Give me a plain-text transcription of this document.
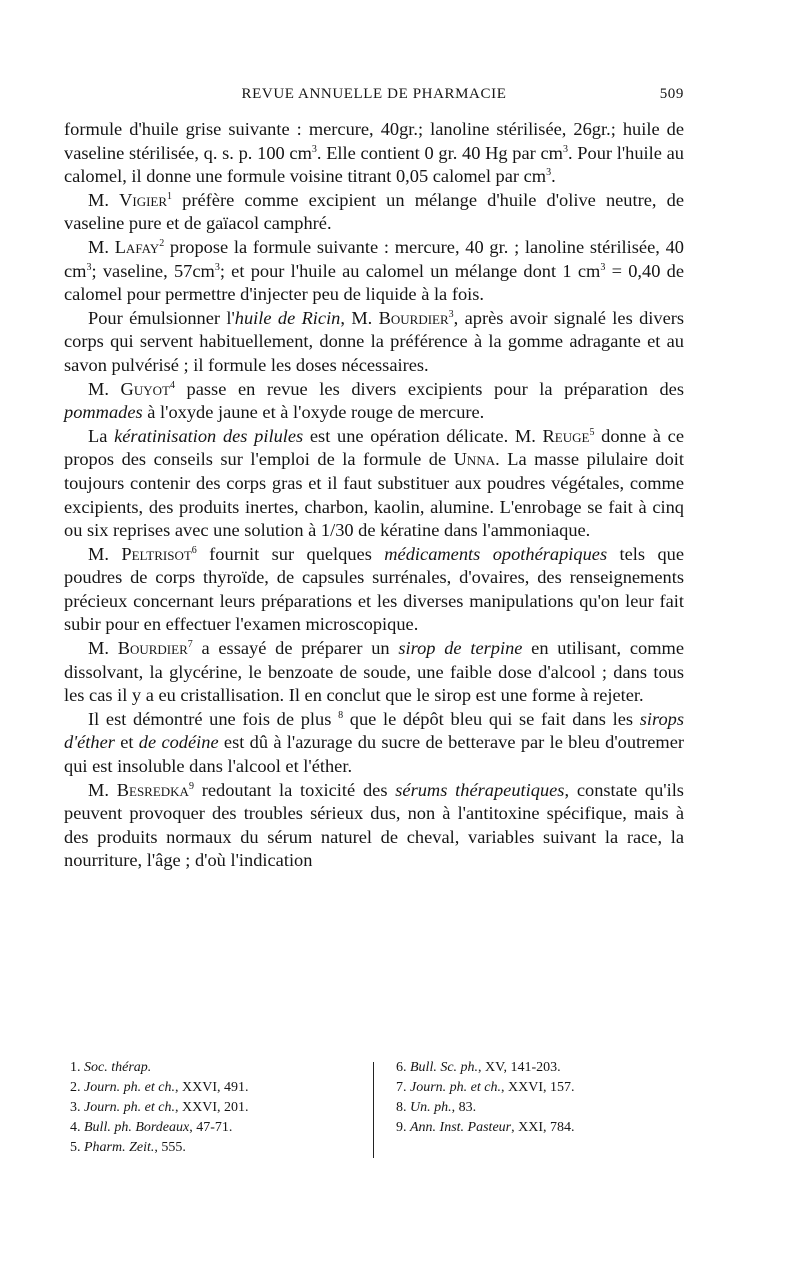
REVUE ANNUELLE DE PHARMACIE	509

formule d'huile grise suivante : mercure, 40gr.; lanoline stérilisée, 26gr.; huile de vaseline stérilisée, q. s. p. 100 $cm^3$. Elle contient 0 gr. 40 Hg par $cm^3$. Pour l'huile au calomel, il donne une formule voisine titrant 0,05 calomel par $cm^3$.

M. Vigier$^1$ préfère comme excipient un mélange d'huile d'olive neutre, de vaseline pure et de gaïacol camphré.

M. Lafay$^2$ propose la formule suivante : mercure, 40 gr. ; lanoline stérilisée, 40 $cm^3$; vaseline, $57cm^3$; et pour l'huile au calomel un mélange dont 1 $cm^3 = 0,40$ de calomel pour permettre d'injecter peu de liquide à la fois.

Pour émulsionner l'huile de Ricin, M. Bourdier$^3$, après avoir signalé les divers corps qui servent habituellement, donne la préférence à la gomme adragante et au savon pulvérisé ; il formule les doses nécessaires.

M. Guyot$^4$ passe en revue les divers excipients pour la préparation des pommades à l'oxyde jaune et à l'oxyde rouge de mercure.

La kératinisation des pilules est une opération délicate. M. Reuge$^5$ donne à ce propos des conseils sur l'emploi de la formule de Unna. La masse pilulaire doit toujours contenir des corps gras et il faut substituer aux poudres végétales, comme excipients, des produits inertes, charbon, kaolin, alumine. L'enrobage se fait à cinq ou six reprises avec une solution à 1/30 de kératine dans l'ammoniaque.

M. Peltrisot$^6$ fournit sur quelques médicaments opothérapiques tels que poudres de corps thyroïde, de capsules surrénales, d'ovaires, des renseignements précieux concernant leurs préparations et les diverses manipulations qu'on leur fait subir pour en effectuer l'examen microscopique.

M. Bourdier$^7$ a essayé de préparer un sirop de terpine en utilisant, comme dissolvant, la glycérine, le benzoate de soude, une faible dose d'alcool ; dans tous les cas il y a eu cristallisation. Il en conclut que le sirop est une forme à rejeter.

Il est démontré une fois de plus $^8$ que le dépôt bleu qui se fait dans les sirops d'éther et de codéine est dû à l'azurage du sucre de betterave par le bleu d'outremer qui est insoluble dans l'alcool et l'éther.

M. Besredka$^9$ redoutant la toxicité des sérums thérapeutiques, constate qu'ils peuvent provoquer des troubles sérieux dus, non à l'antitoxine spécifique, mais à des produits normaux du sérum naturel de cheval, variables suivant la race, la nourriture, l'âge ; d'où l'indication

1. Soc. thérap.
2. Journ. ph. et ch., XXVI, 491.
3. Journ. ph. et ch., XXVI, 201.
4. Bull. ph. Bordeaux, 47-71.
5. Pharm. Zeit., 555.
6. Bull. Sc. ph., XV, 141-203.
7. Journ. ph. et ch., XXVI, 157.
8. Un. ph., 83.
9. Ann. Inst. Pasteur, XXI, 784.
